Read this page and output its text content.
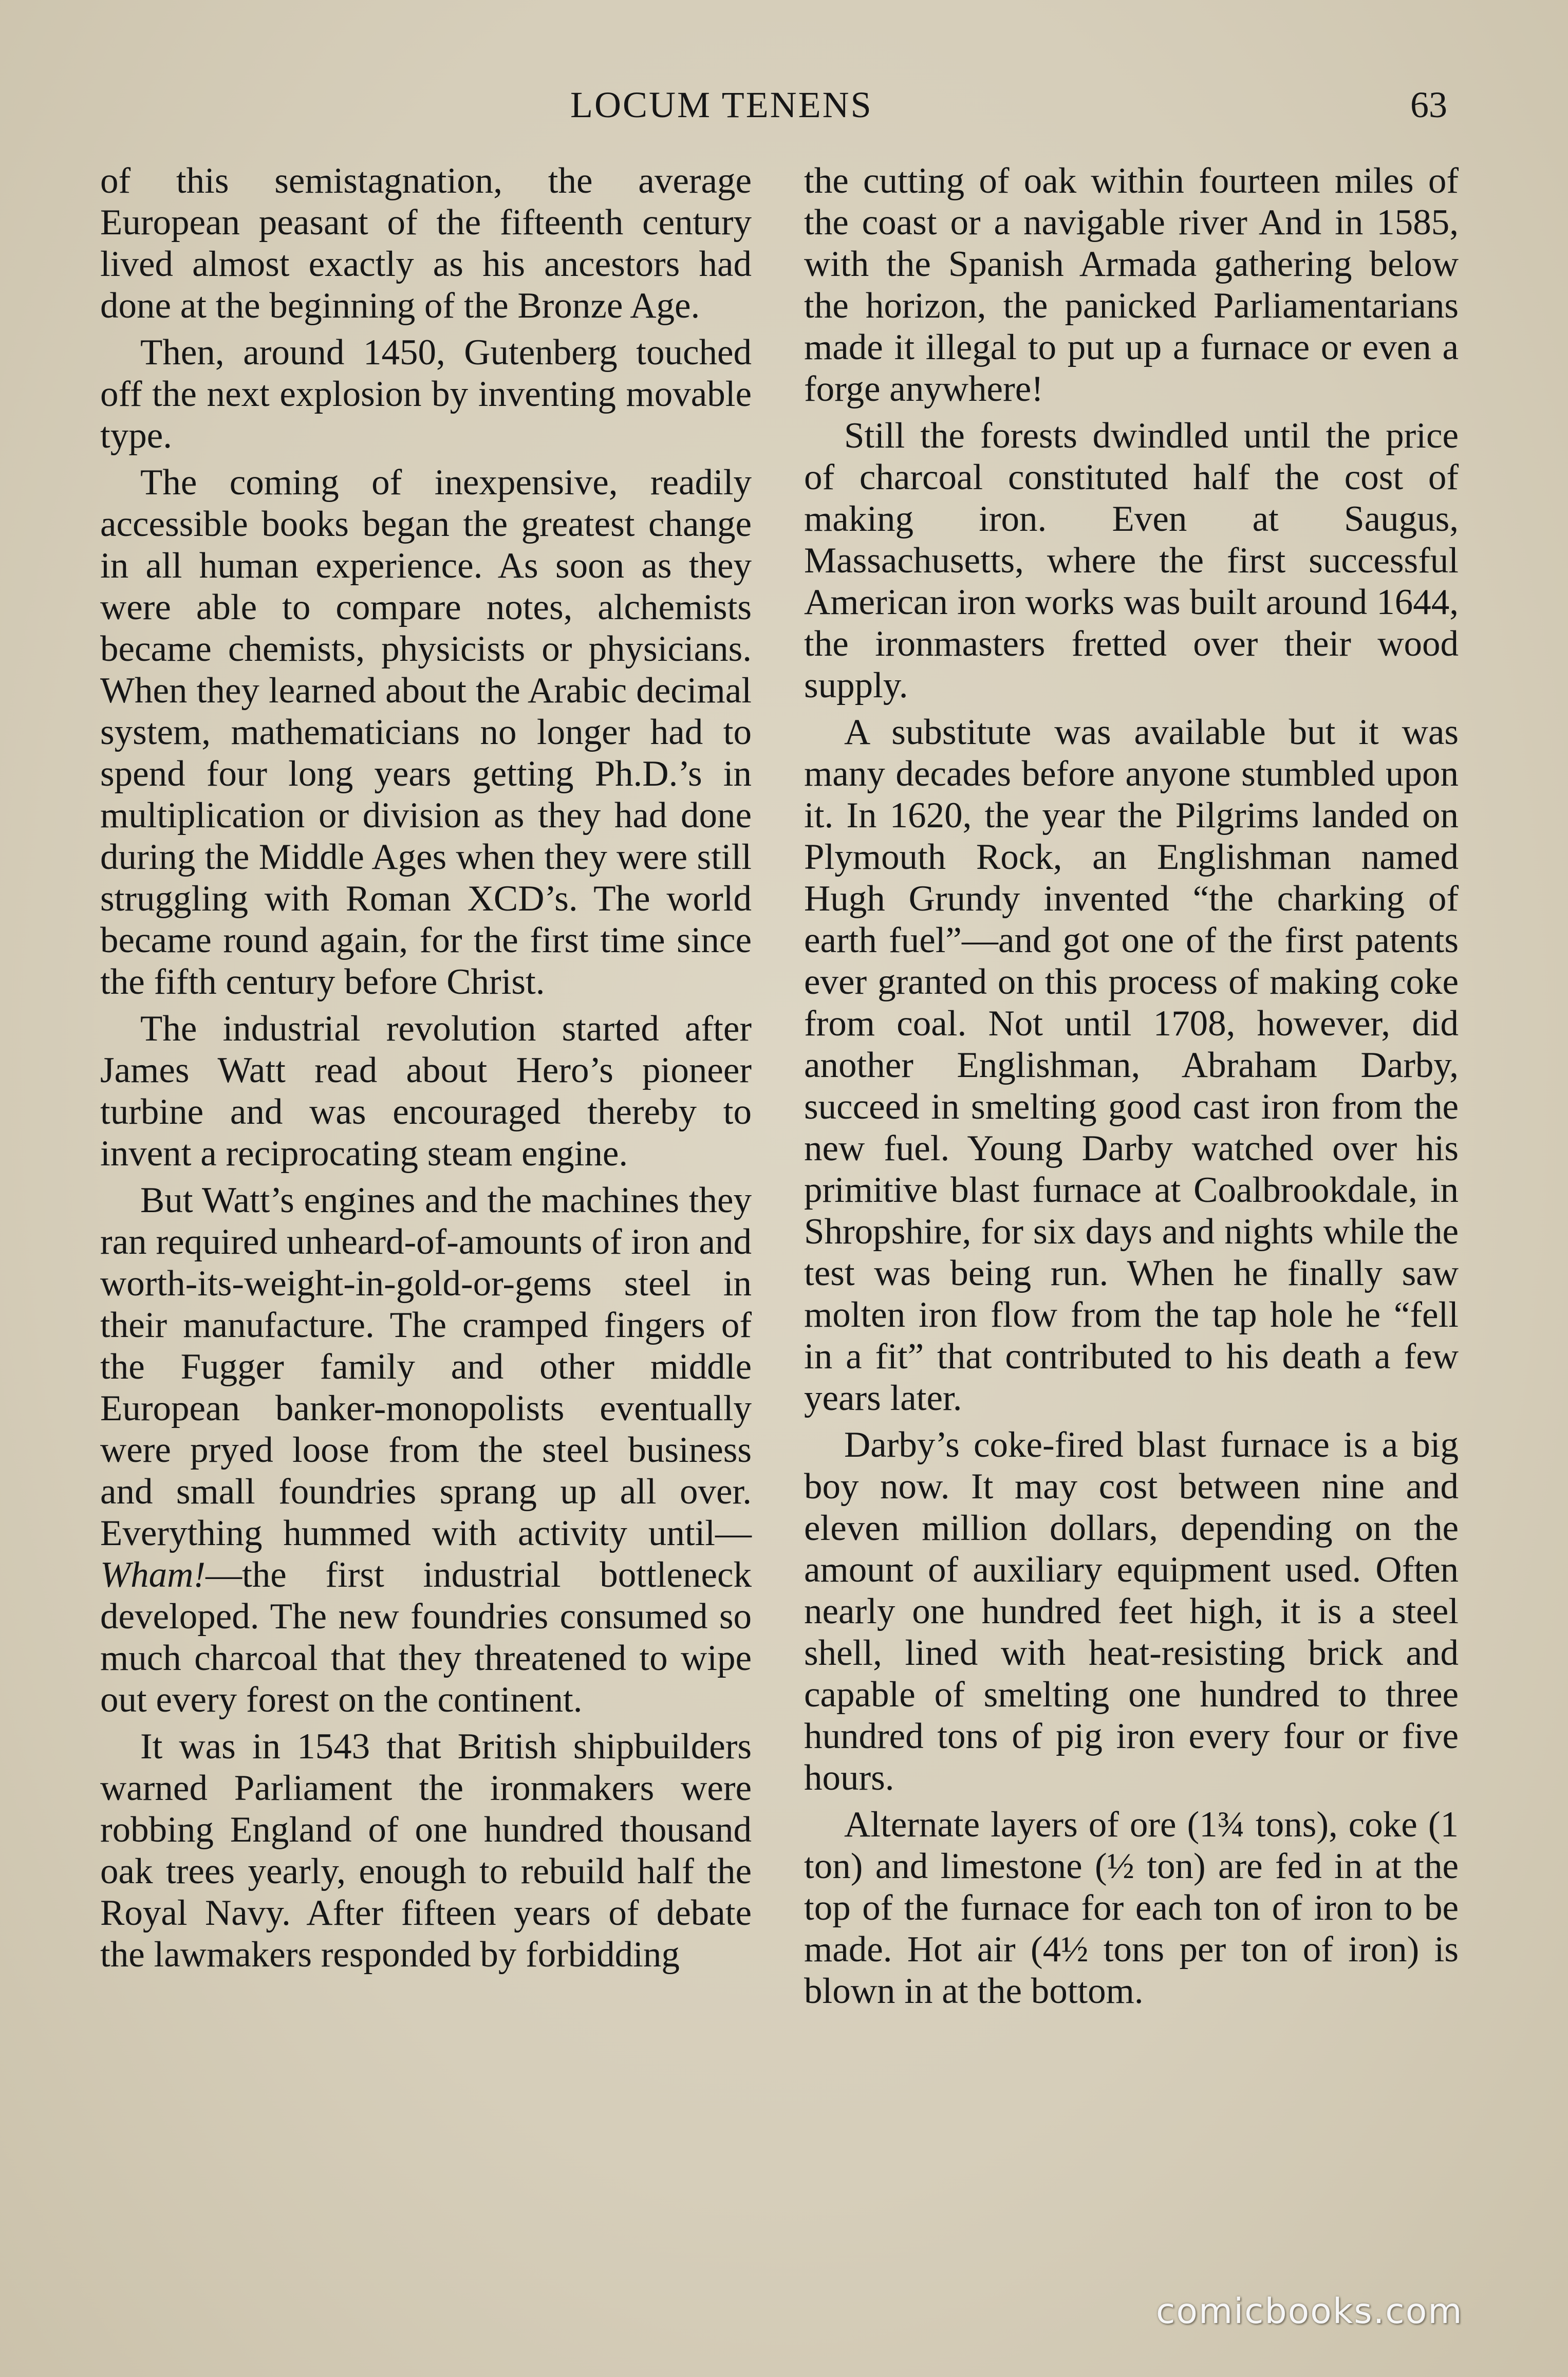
LOCUM TENENS	63

of this semistagnation, the average European peasant of the fifteenth century lived almost exactly as his ancestors had done at the beginning of the Bronze Age.

Then, around 1450, Gutenberg touched off the next explosion by inventing movable type.

The coming of inexpensive, readily accessible books began the greatest change in all human experience. As soon as they were able to compare notes, alchemists became chemists, physicists or physicians. When they learned about the Arabic decimal system, mathematicians no longer had to spend four long years getting Ph.D.’s in multiplication or division as they had done during the Middle Ages when they were still struggling with Roman XCD’s. The world became round again, for the first time since the fifth century before Christ.

The industrial revolution started after James Watt read about Hero’s pioneer turbine and was encouraged thereby to invent a reciprocating steam engine.

But Watt’s engines and the machines they ran required unheard-of-amounts of iron and worth-its-weight-in-gold-or-gems steel in their manufacture. The cramped fingers of the Fugger family and other middle European banker-monopolists eventually were pryed loose from the steel business and small foundries sprang up all over. Everything hummed with activity until—Wham!—the first industrial bottleneck developed. The new foundries consumed so much charcoal that they threatened to wipe out every forest on the continent.

It was in 1543 that British shipbuilders warned Parliament the ironmakers were robbing England of one hundred thousand oak trees yearly, enough to rebuild half the Royal Navy. After fifteen years of debate the lawmakers responded by forbidding

the cutting of oak within fourteen miles of the coast or a navigable river And in 1585, with the Spanish Armada gathering below the horizon, the panicked Parliamentarians made it illegal to put up a furnace or even a forge anywhere!

Still the forests dwindled until the price of charcoal constituted half the cost of making iron. Even at Saugus, Massachusetts, where the first successful American iron works was built around 1644, the ironmasters fretted over their wood supply.

A substitute was available but it was many decades before anyone stumbled upon it. In 1620, the year the Pilgrims landed on Plymouth Rock, an Englishman named Hugh Grundy invented “the charking of earth fuel”—and got one of the first patents ever granted on this process of making coke from coal. Not until 1708, however, did another Englishman, Abraham Darby, succeed in smelting good cast iron from the new fuel. Young Darby watched over his primitive blast furnace at Coalbrookdale, in Shropshire, for six days and nights while the test was being run. When he finally saw molten iron flow from the tap hole he “fell in a fit” that contributed to his death a few years later.

Darby’s coke-fired blast furnace is a big boy now. It may cost between nine and eleven million dollars, depending on the amount of auxiliary equipment used. Often nearly one hundred feet high, it is a steel shell, lined with heat-resisting brick and capable of smelting one hundred to three hundred tons of pig iron every four or five hours.

Alternate layers of ore (1¾ tons), coke (1 ton) and limestone (½ ton) are fed in at the top of the furnace for each ton of iron to be made. Hot air (4½ tons per ton of iron) is blown in at the bottom.

comicbooks.com
